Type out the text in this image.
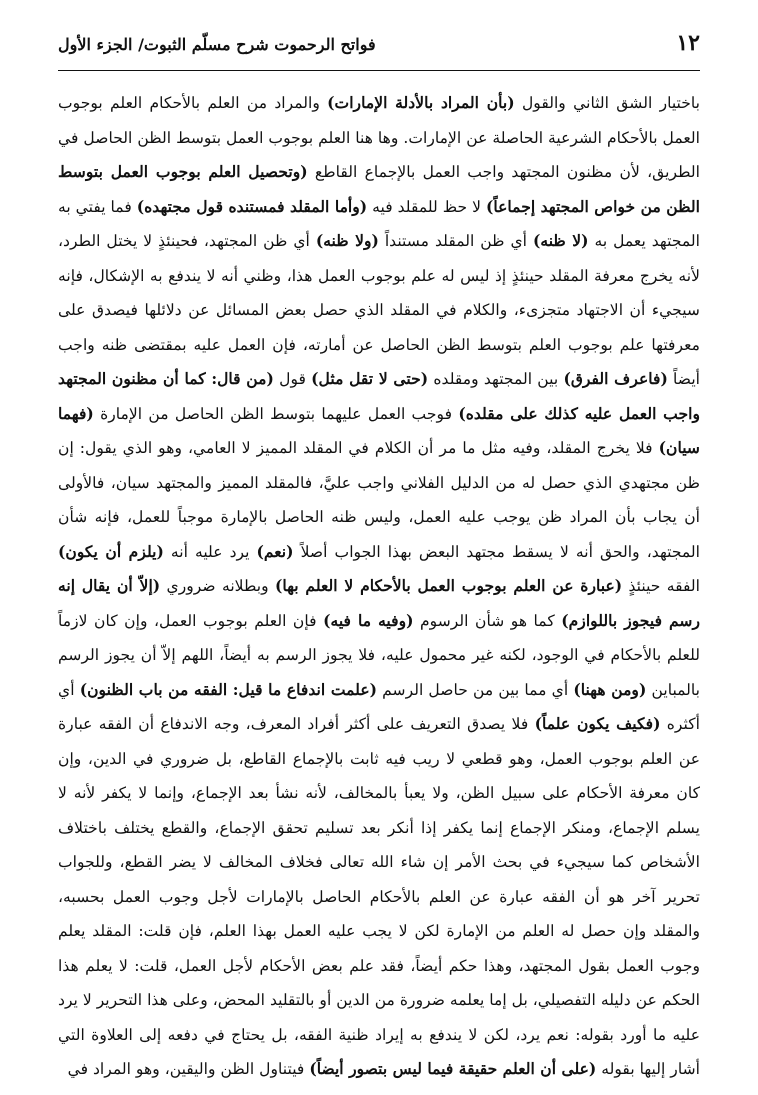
١٢
فواتح الرحموت شرح مسلّم الثبوت/ الجزء الأول
باختيار الشق الثاني والقول (بأن المراد بالأدلة الإمارات) والمراد من العلم بالأحكام العلم بوجوب العمل بالأحكام الشرعية الحاصلة عن الإمارات. وها هنا العلم بوجوب العمل بتوسط الظن الحاصل في الطريق، لأن مظنون المجتهد واجب العمل بالإجماع القاطع (وتحصيل العلم بوجوب العمل بتوسط الظن من خواص المجتهد إجماعاً) لا حظ للمقلد فيه (وأما المقلد فمستنده قول مجتهده) فما يفتي به المجتهد يعمل به (لا ظنه) أي ظن المقلد مستنداً (ولا ظنه) أي ظن المجتهد، فحينئذٍ لا يختل الطرد، لأنه يخرج معرفة المقلد حينئذٍ إذ ليس له علم بوجوب العمل هذا، وظني أنه لا يندفع به الإشكال، فإنه سيجيء أن الاجتهاد متجزىء، والكلام في المقلد الذي حصل بعض المسائل عن دلائلها فيصدق على معرفتها علم بوجوب العلم بتوسط الظن الحاصل عن أمارته، فإن العمل عليه بمقتضى ظنه واجب أيضاً (فاعرف الفرق) بين المجتهد ومقلده (حتى لا تقل مثل) قول (من قال: كما أن مظنون المجتهد واجب العمل عليه كذلك على مقلده) فوجب العمل عليهما بتوسط الظن الحاصل من الإمارة (فهما سيان) فلا يخرج المقلد، وفيه مثل ما مر أن الكلام في المقلد المميز لا العامي، وهو الذي يقول: إن ظن مجتهدي الذي حصل له من الدليل الفلاني واجب عليَّ، فالمقلد المميز والمجتهد سيان، فالأولى أن يجاب بأن المراد ظن يوجب عليه العمل، وليس ظنه الحاصل بالإمارة موجباً للعمل، فإنه شأن المجتهد، والحق أنه لا يسقط مجتهد البعض بهذا الجواب أصلاً (نعم) يرد عليه أنه (يلزم أن يكون) الفقه حينئذٍ (عبارة عن العلم بوجوب العمل بالأحكام لا العلم بها) وبطلانه ضروري (إلاّ أن يقال إنه رسم فيجوز باللوازم) كما هو شأن الرسوم (وفيه ما فيه) فإن العلم بوجوب العمل، وإن كان لازماً للعلم بالأحكام في الوجود، لكنه غير محمول عليه، فلا يجوز الرسم به أيضاً، اللهم إلاّ أن يجوز الرسم بالمباين (ومن ههنا) أي مما بين من حاصل الرسم (علمت اندفاع ما قيل: الفقه من باب الظنون) أي أكثره (فكيف يكون علماً) فلا يصدق التعريف على أكثر أفراد المعرف، وجه الاندفاع أن الفقه عبارة عن العلم بوجوب العمل، وهو قطعي لا ريب فيه ثابت بالإجماع القاطع، بل ضروري في الدين، وإن كان معرفة الأحكام على سبيل الظن، ولا يعبأ بالمخالف، لأنه نشأ بعد الإجماع، وإنما لا يكفر لأنه لا يسلم الإجماع، ومنكر الإجماع إنما يكفر إذا أنكر بعد تسليم تحقق الإجماع، والقطع يختلف باختلاف الأشخاص كما سيجيء في بحث الأمر إن شاء الله تعالى فخلاف المخالف لا يضر القطع، وللجواب تحرير آخر هو أن الفقه عبارة عن العلم بالأحكام الحاصل بالإمارات لأجل وجوب العمل بحسبه، والمقلد وإن حصل له العلم من الإمارة لكن لا يجب عليه العمل بهذا العلم، فإن قلت: المقلد يعلم وجوب العمل بقول المجتهد، وهذا حكم أيضاً، فقد علم بعض الأحكام لأجل العمل، قلت: لا يعلم هذا الحكم عن دليله التفصيلي، بل إما يعلمه ضرورة من الدين أو بالتقليد المحض، وعلى هذا التحرير لا يرد عليه ما أورد بقوله: نعم يرد، لكن لا يندفع به إيراد ظنية الفقه، بل يحتاج في دفعه إلى العلاوة التي أشار إليها بقوله (على أن العلم حقيقة فيما ليس بتصور أيضاً) فيتناول الظن واليقين، وهو المراد في
